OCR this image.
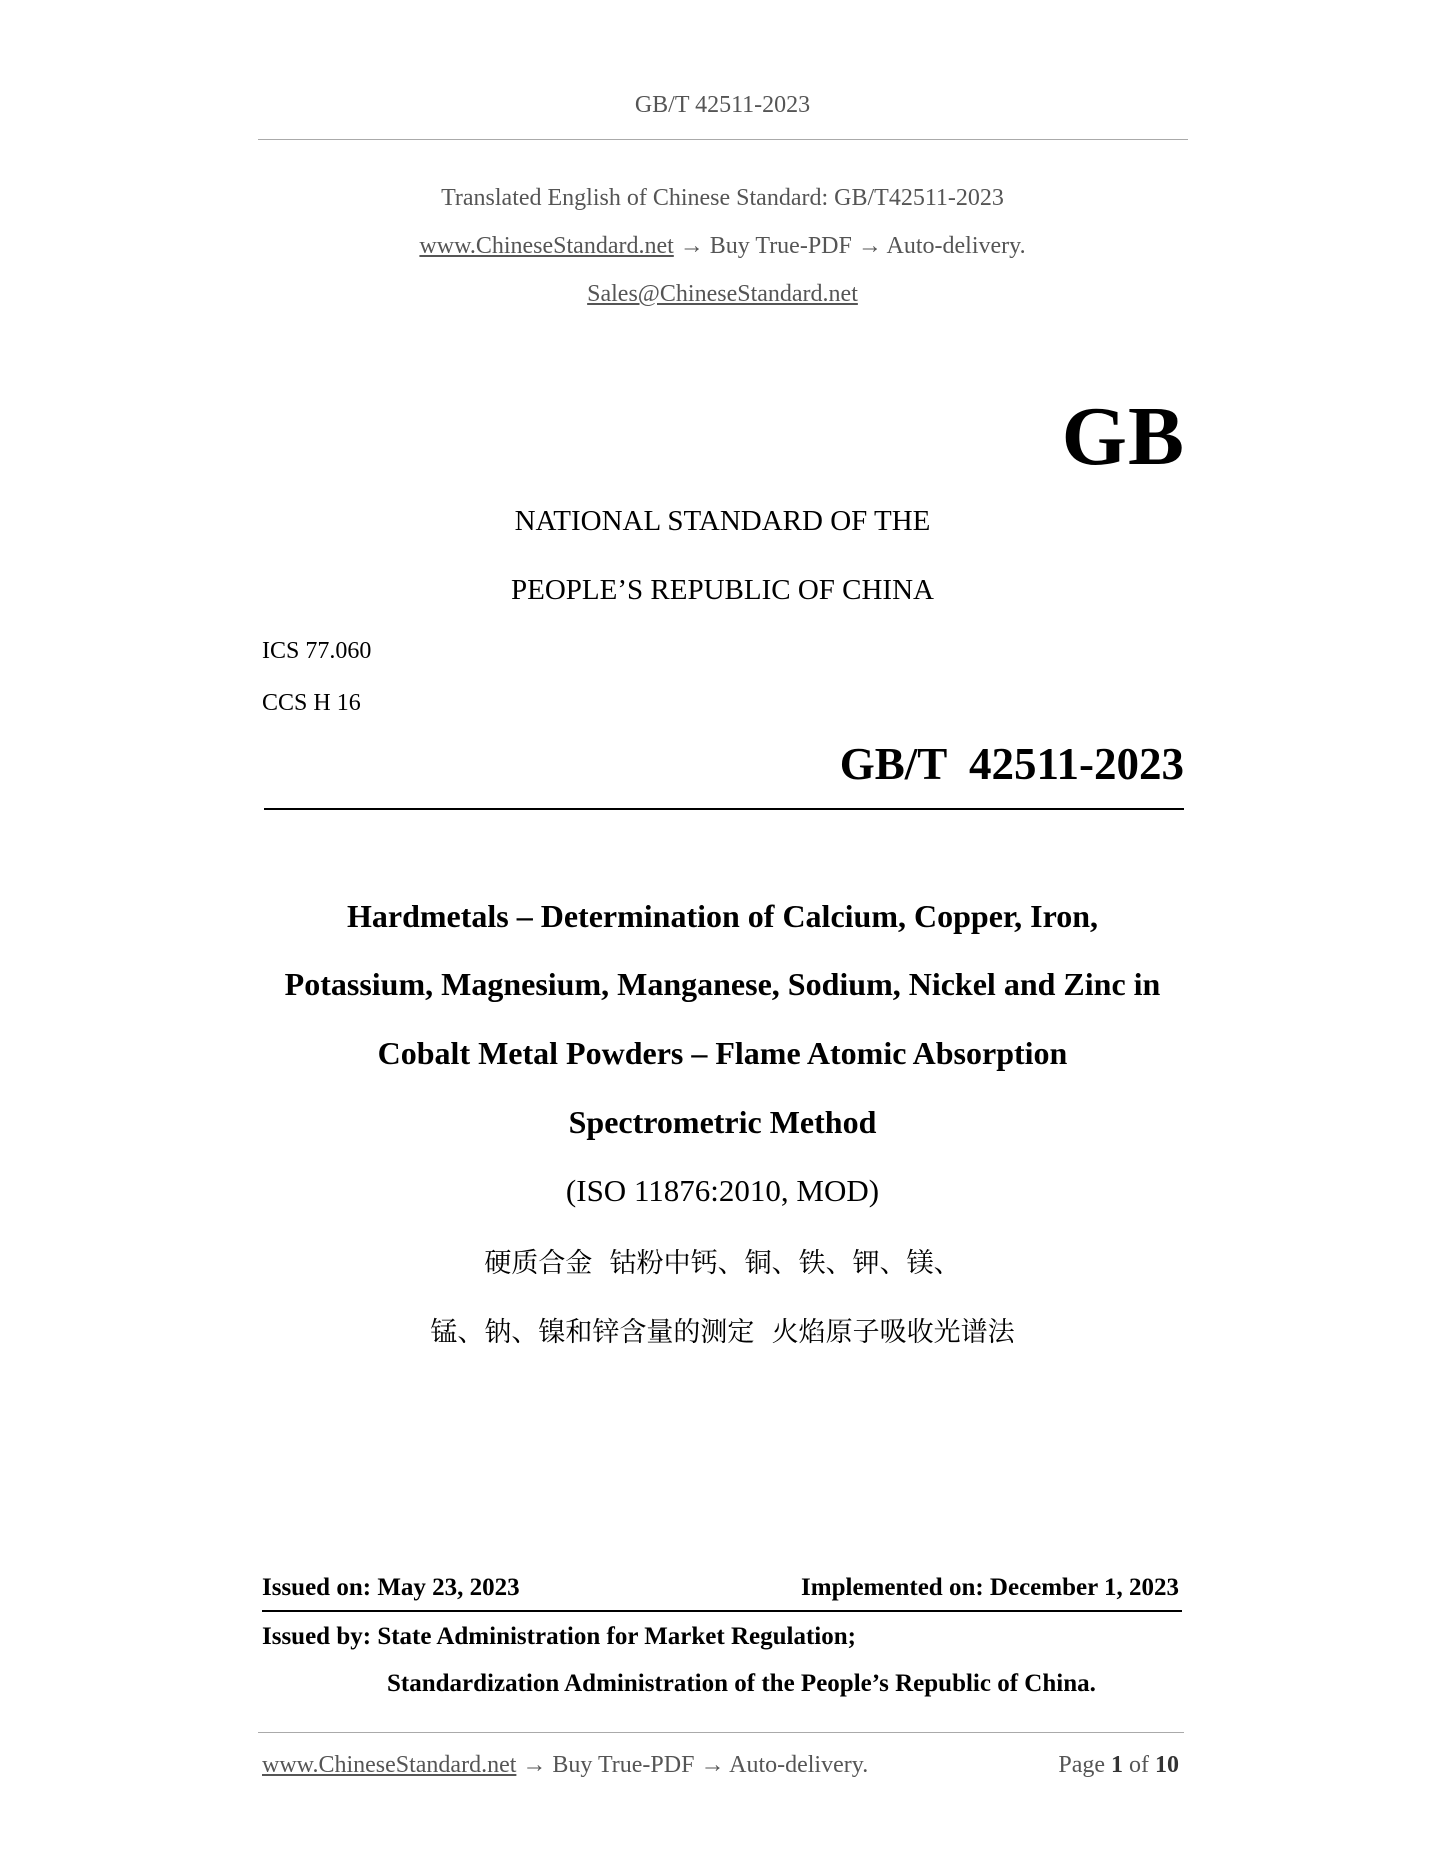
GB/T 42511-2023
Translated English of Chinese Standard: GB/T42511-2023
www.ChineseStandard.net → Buy True-PDF → Auto-delivery.
Sales@ChineseStandard.net
GB
NATIONAL STANDARD OF THE
PEOPLE’S REPUBLIC OF CHINA
ICS 77.060
CCS H 16
GB/T  42511-2023
Hardmetals – Determination of Calcium, Copper, Iron,
Potassium, Magnesium, Manganese, Sodium, Nickel and Zinc in
Cobalt Metal Powders – Flame Atomic Absorption
Spectrometric Method
(ISO 11876:2010, MOD)
硬质合金  钴粉中钙、铜、铁、钾、镁、
锰、钠、镍和锌含量的测定  火焰原子吸收光谱法
Issued on: May 23, 2023	Implemented on: December 1, 2023
Issued by: State Administration for Market Regulation;
Standardization Administration of the People’s Republic of China.
www.ChineseStandard.net → Buy True-PDF → Auto-delivery.	Page 1 of 10
